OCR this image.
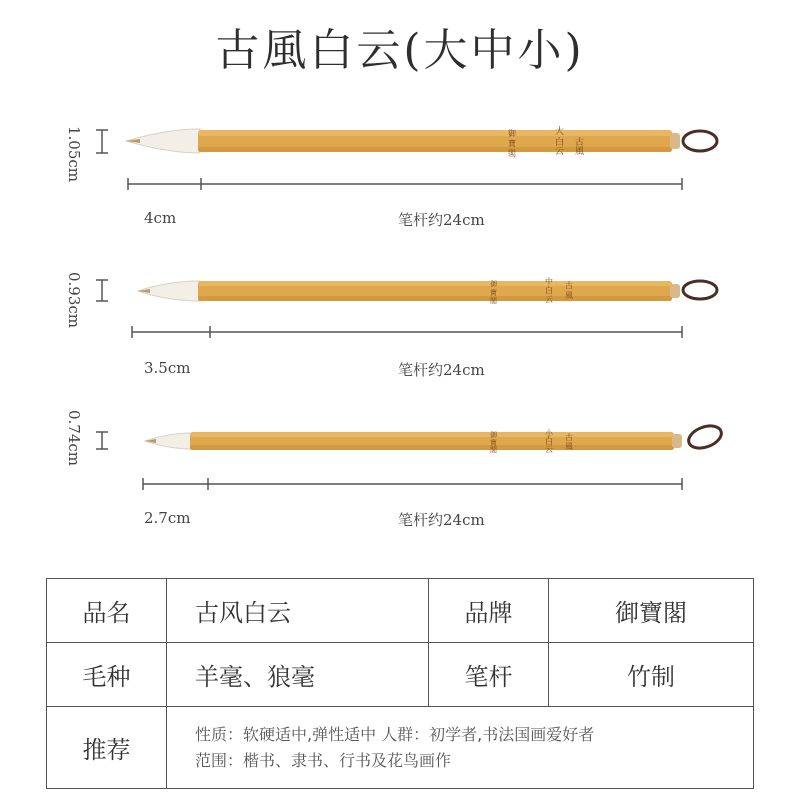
古風白云(大中小)
古
風
大
白
云
御
寶
閣
1.05cm
4cm	笔杆约24cm
古
風
中
白
云
御
寶
閣
0.93cm
3.5cm	笔杆约24cm
古
風
小
白
云
御
寶
閣
0.74cm
2.7cm	笔杆约24cm
品名	古风白云	品牌	御寶閣
毛种	羊毫、狼毫	笔杆	竹制
推荐	性质：软硬适中,弹性适中 人群：初学者,书法国画爱好者
范围：楷书、隶书、行书及花鸟画作		
